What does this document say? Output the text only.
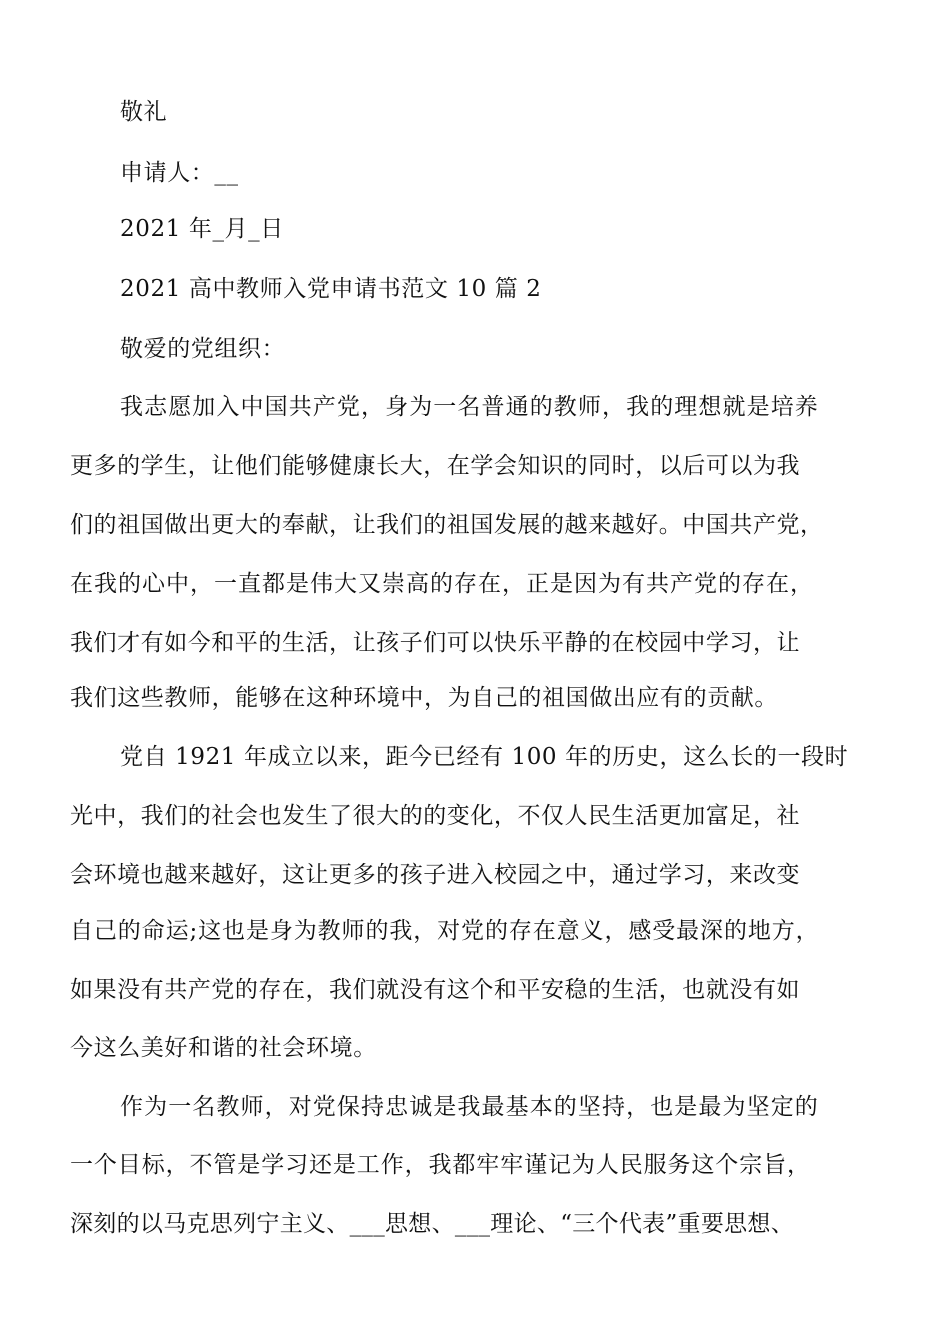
敬礼

申请人：__

2021 年_月_日

2021 高中教师入党申请书范文 10 篇 2

敬爱的党组织：

我志愿加入中国共产党，身为一名普通的教师，我的理想就是培养

更多的学生，让他们能够健康长大，在学会知识的同时，以后可以为我

们的祖国做出更大的奉献，让我们的祖国发展的越来越好。中国共产党，

在我的心中，一直都是伟大又崇高的存在，正是因为有共产党的存在，

我们才有如今和平的生活，让孩子们可以快乐平静的在校园中学习，让

我们这些教师，能够在这种环境中，为自己的祖国做出应有的贡献。

党自 1921 年成立以来，距今已经有 100 年的历史，这么长的一段时

光中，我们的社会也发生了很大的的变化，不仅人民生活更加富足，社

会环境也越来越好，这让更多的孩子进入校园之中，通过学习，来改变

自己的命运;这也是身为教师的我，对党的存在意义，感受最深的地方，

如果没有共产党的存在，我们就没有这个和平安稳的生活，也就没有如

今这么美好和谐的社会环境。

作为一名教师，对党保持忠诚是我最基本的坚持，也是最为坚定的

一个目标，不管是学习还是工作，我都牢牢谨记为人民服务这个宗旨，

深刻的以马克思列宁主义、___思想、___理论、“三个代表”重要思想、
